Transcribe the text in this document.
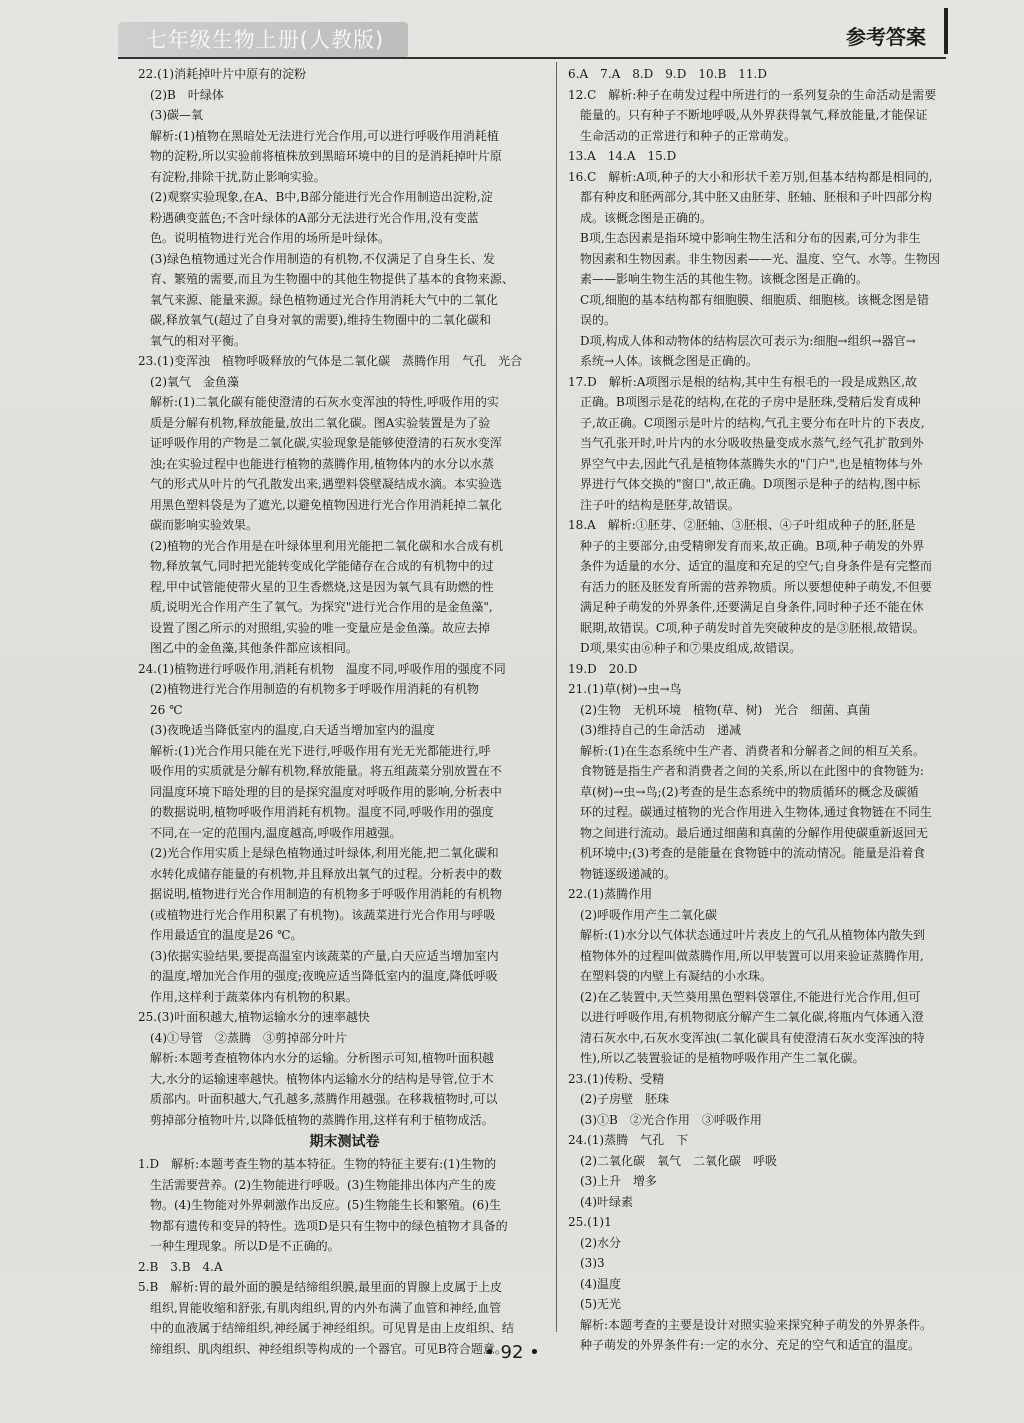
七年级生物上册(人教版)	参考答案
22.(1)消耗掉叶片中原有的淀粉
　(2)B　叶绿体
　(3)碳—氧
　解析:(1)植物在黑暗处无法进行光合作用,可以进行呼吸作用消耗植
　物的淀粉,所以实验前将植株放到黑暗环境中的目的是消耗掉叶片原
　有淀粉,排除干扰,防止影响实验。
　(2)观察实验现象,在A、B中,B部分能进行光合作用制造出淀粉,淀
　粉遇碘变蓝色;不含叶绿体的A部分无法进行光合作用,没有变蓝
　色。说明植物进行光合作用的场所是叶绿体。
　(3)绿色植物通过光合作用制造的有机物,不仅满足了自身生长、发
　育、繁殖的需要,而且为生物圈中的其他生物提供了基本的食物来源、
　氧气来源、能量来源。绿色植物通过光合作用消耗大气中的二氧化
　碳,释放氧气(超过了自身对氧的需要),维持生物圈中的二氧化碳和
　氧气的相对平衡。
23.(1)变浑浊　植物呼吸释放的气体是二氧化碳　蒸腾作用　气孔　光合
　(2)氧气　金鱼藻
　解析:(1)二氧化碳有能使澄清的石灰水变浑浊的特性,呼吸作用的实
　质是分解有机物,释放能量,放出二氧化碳。图A实验装置是为了验
　证呼吸作用的产物是二氧化碳,实验现象是能够使澄清的石灰水变浑
　浊;在实验过程中也能进行植物的蒸腾作用,植物体内的水分以水蒸
　气的形式从叶片的气孔散发出来,遇塑料袋壁凝结成水滴。本实验选
　用黑色塑料袋是为了遮光,以避免植物因进行光合作用消耗掉二氧化
　碳而影响实验效果。
　(2)植物的光合作用是在叶绿体里利用光能把二氧化碳和水合成有机
　物,释放氧气,同时把光能转变成化学能储存在合成的有机物中的过
　程,甲中试管能使带火星的卫生香燃烧,这是因为氧气具有助燃的性
　质,说明光合作用产生了氧气。为探究"进行光合作用的是金鱼藻",
　设置了图乙所示的对照组,实验的唯一变量应是金鱼藻。故应去掉
　图乙中的金鱼藻,其他条件都应该相同。
24.(1)植物进行呼吸作用,消耗有机物　温度不同,呼吸作用的强度不同
　(2)植物进行光合作用制造的有机物多于呼吸作用消耗的有机物
　26 ℃
　(3)夜晚适当降低室内的温度,白天适当增加室内的温度
　解析:(1)光合作用只能在光下进行,呼吸作用有光无光都能进行,呼
　吸作用的实质就是分解有机物,释放能量。将五组蔬菜分别放置在不
　同温度环境下暗处理的目的是探究温度对呼吸作用的影响,分析表中
　的数据说明,植物呼吸作用消耗有机物。温度不同,呼吸作用的强度
　不同,在一定的范围内,温度越高,呼吸作用越强。
　(2)光合作用实质上是绿色植物通过叶绿体,利用光能,把二氧化碳和
　水转化成储存能量的有机物,并且释放出氧气的过程。分析表中的数
　据说明,植物进行光合作用制造的有机物多于呼吸作用消耗的有机物
　(或植物进行光合作用积累了有机物)。该蔬菜进行光合作用与呼吸
　作用最适宜的温度是26 ℃。
　(3)依据实验结果,要提高温室内该蔬菜的产量,白天应适当增加室内
　的温度,增加光合作用的强度;夜晚应适当降低室内的温度,降低呼吸
　作用,这样利于蔬菜体内有机物的积累。
25.(3)叶面积越大,植物运输水分的速率越快
　(4)①导管　②蒸腾　③剪掉部分叶片
　解析:本题考查植物体内水分的运输。分析图示可知,植物叶面积越
　大,水分的运输速率越快。植物体内运输水分的结构是导管,位于木
　质部内。叶面积越大,气孔越多,蒸腾作用越强。在移栽植物时,可以
　剪掉部分植物叶片,以降低植物的蒸腾作用,这样有利于植物成活。
期末测试卷
1.D　解析:本题考查生物的基本特征。生物的特征主要有:(1)生物的
　生活需要营养。(2)生物能进行呼吸。(3)生物能排出体内产生的废
　物。(4)生物能对外界刺激作出反应。(5)生物能生长和繁殖。(6)生
　物都有遗传和变异的特性。选项D是只有生物中的绿色植物才具备的
　一种生理现象。所以D是不正确的。
2.B　3.B　4.A
5.B　解析:胃的最外面的膜是结缔组织膜,最里面的胃腺上皮属于上皮
　组织,胃能收缩和舒张,有肌肉组织,胃的内外布满了血管和神经,血管
　中的血液属于结缔组织,神经属于神经组织。可见胃是由上皮组织、结
　缔组织、肌肉组织、神经组织等构成的一个器官。可见B符合题意。
6.A　7.A　8.D　9.D　10.B　11.D
12.C　解析:种子在萌发过程中所进行的一系列复杂的生命活动是需要
　能量的。只有种子不断地呼吸,从外界获得氧气,释放能量,才能保证
　生命活动的正常进行和种子的正常萌发。
13.A　14.A　15.D
16.C　解析:A项,种子的大小和形状千差万别,但基本结构都是相同的,
　都有种皮和胚两部分,其中胚又由胚芽、胚轴、胚根和子叶四部分构
　成。该概念图是正确的。
　B项,生态因素是指环境中影响生物生活和分布的因素,可分为非生
　物因素和生物因素。非生物因素——光、温度、空气、水等。生物因
　素——影响生物生活的其他生物。该概念图是正确的。
　C项,细胞的基本结构都有细胞膜、细胞质、细胞核。该概念图是错
　误的。
　D项,构成人体和动物体的结构层次可表示为:细胞→组织→器官→
　系统→人体。该概念图是正确的。
17.D　解析:A项图示是根的结构,其中生有根毛的一段是成熟区,故
　正确。B项图示是花的结构,在花的子房中是胚珠,受精后发育成种
　子,故正确。C项图示是叶片的结构,气孔主要分布在叶片的下表皮,
　当气孔张开时,叶片内的水分吸收热量变成水蒸气,经气孔扩散到外
　界空气中去,因此气孔是植物体蒸腾失水的"门户",也是植物体与外
　界进行气体交换的"窗口",故正确。D项图示是种子的结构,图中标
　注子叶的结构是胚芽,故错误。
18.A　解析:①胚芽、②胚轴、③胚根、④子叶组成种子的胚,胚是
　种子的主要部分,由受精卵发育而来,故正确。B项,种子萌发的外界
　条件为适量的水分、适宜的温度和充足的空气;自身条件是有完整而
　有活力的胚及胚发育所需的营养物质。所以要想使种子萌发,不但要
　满足种子萌发的外界条件,还要满足自身条件,同时种子还不能在休
　眠期,故错误。C项,种子萌发时首先突破种皮的是③胚根,故错误。
　D项,果实由⑥种子和⑦果皮组成,故错误。
19.D　20.D
21.(1)草(树)→虫→鸟
　(2)生物　无机环境　植物(草、树)　光合　细菌、真菌
　(3)维持自己的生命活动　递减
　解析:(1)在生态系统中生产者、消费者和分解者之间的相互关系。
　食物链是指生产者和消费者之间的关系,所以在此图中的食物链为:
　草(树)→虫→鸟;(2)考查的是生态系统中的物质循环的概念及碳循
　环的过程。碳通过植物的光合作用进入生物体,通过食物链在不同生
　物之间进行流动。最后通过细菌和真菌的分解作用使碳重新返回无
　机环境中;(3)考查的是能量在食物链中的流动情况。能量是沿着食
　物链逐级递减的。
22.(1)蒸腾作用
　(2)呼吸作用产生二氧化碳
　解析:(1)水分以气体状态通过叶片表皮上的气孔从植物体内散失到
　植物体外的过程叫做蒸腾作用,所以甲装置可以用来验证蒸腾作用,
　在塑料袋的内壁上有凝结的小水珠。
　(2)在乙装置中,天竺葵用黑色塑料袋罩住,不能进行光合作用,但可
　以进行呼吸作用,有机物彻底分解产生二氧化碳,将瓶内气体通入澄
　清石灰水中,石灰水变浑浊(二氧化碳具有使澄清石灰水变浑浊的特
　性),所以乙装置验证的是植物呼吸作用产生二氧化碳。
23.(1)传粉、受精
　(2)子房壁　胚珠
　(3)①B　②光合作用　③呼吸作用
24.(1)蒸腾　气孔　下
　(2)二氧化碳　氧气　二氧化碳　呼吸
　(3)上升　增多
　(4)叶绿素
25.(1)1
　(2)水分
　(3)3
　(4)温度
　(5)无光
　解析:本题考查的主要是设计对照实验来探究种子萌发的外界条件。
　种子萌发的外界条件有:一定的水分、充足的空气和适宜的温度。
• 92 •
